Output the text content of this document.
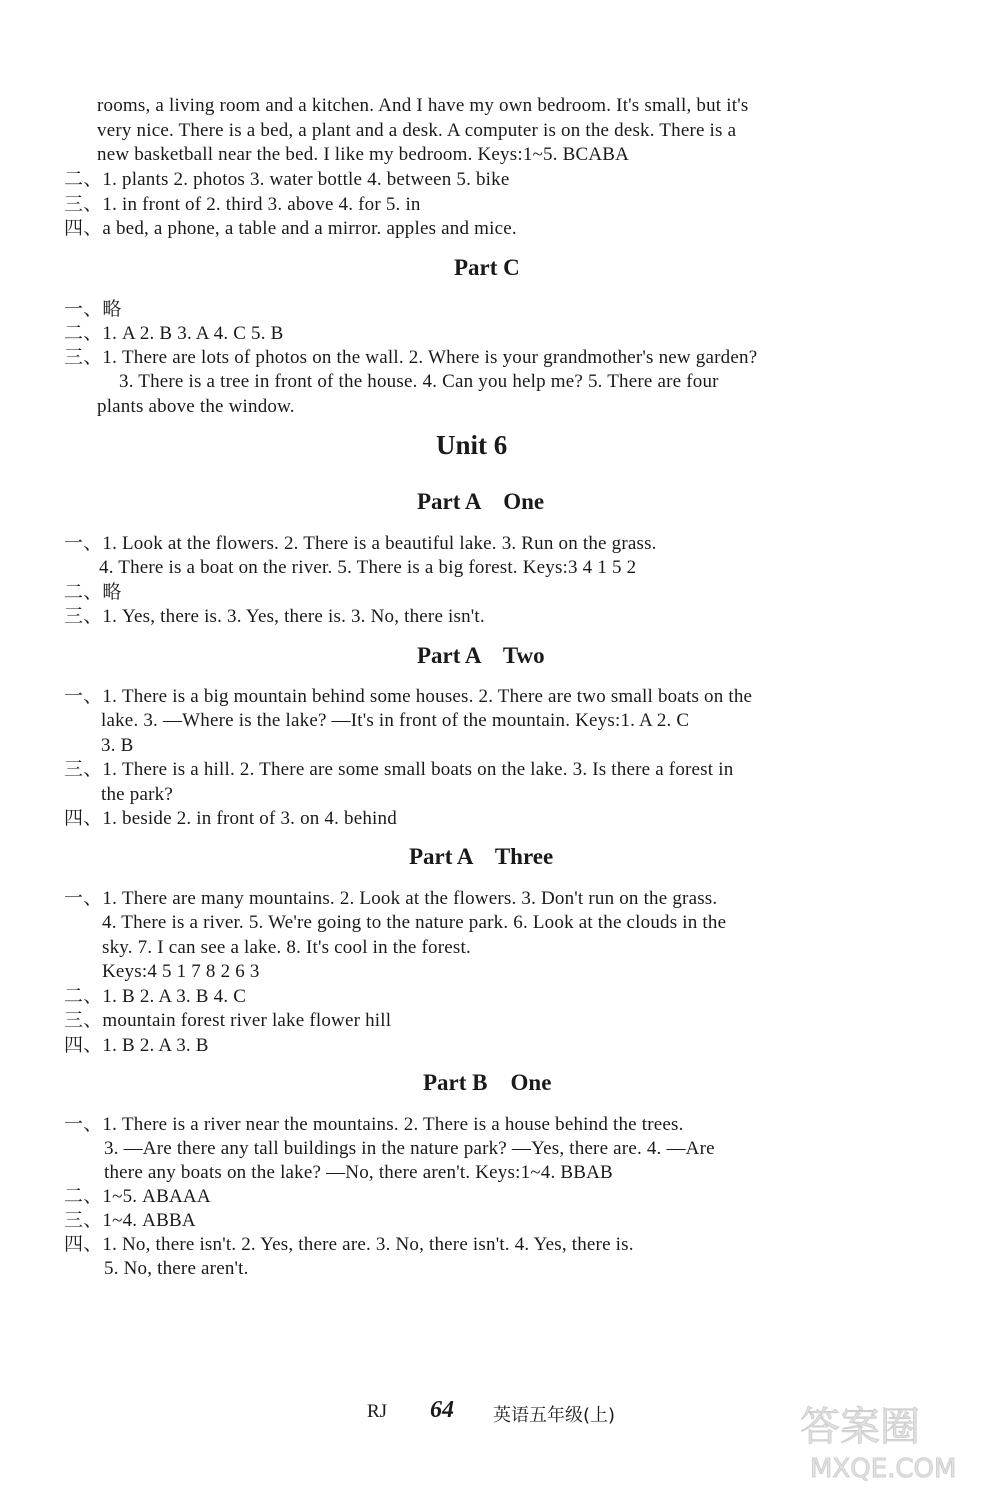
rooms, a living room and a kitchen. And I have my own bedroom. It's small, but it's
very nice. There is a bed, a plant and a desk. A computer is on the desk. There is a
new basketball near the bed. I like my bedroom. Keys:1~5. BCABA
二、1. plants 2. photos 3. water bottle 4. between 5. bike
三、1. in front of 2. third 3. above 4. for 5. in
四、a bed, a phone, a table and a mirror. apples and mice.
一、略
二、1. A 2. B 3. A 4. C 5. B
三、1. There are lots of photos on the wall. 2. Where is your grandmother's new garden?
3. There is a tree in front of the house. 4. Can you help me? 5. There are four
plants above the window.
一、1. Look at the flowers. 2. There is a beautiful lake. 3. Run on the grass.
4. There is a boat on the river. 5. There is a big forest. Keys:3 4 1 5 2
二、略
三、1. Yes, there is. 3. Yes, there is. 3. No, there isn't.
一、1. There is a big mountain behind some houses. 2. There are two small boats on the
lake. 3. —Where is the lake? —It's in front of the mountain. Keys:1. A 2. C
3. B
三、1. There is a hill. 2. There are some small boats on the lake. 3. Is there a forest in
the park?
四、1. beside 2. in front of 3. on 4. behind
一、1. There are many mountains. 2. Look at the flowers. 3. Don't run on the grass.
4. There is a river. 5. We're going to the nature park. 6. Look at the clouds in the
sky. 7. I can see a lake. 8. It's cool in the forest.
Keys:4 5 1 7 8 2 6 3
二、1. B 2. A 3. B 4. C
三、mountain forest river lake flower hill
四、1. B 2. A 3. B
一、1. There is a river near the mountains. 2. There is a house behind the trees.
3. —Are there any tall buildings in the nature park? —Yes, there are. 4. —Are
there any boats on the lake? —No, there aren't. Keys:1~4. BBAB
二、1~5. ABAAA
三、1~4. ABBA
四、1. No, there isn't. 2. Yes, there are. 3. No, there isn't. 4. Yes, there is.
5. No, there aren't.
Part C
Unit 6
Part A    One
Part A    Two
Part A    Three
Part B    One
RJ 64 英语五年级(上)	答案圈
MXQE.COM
